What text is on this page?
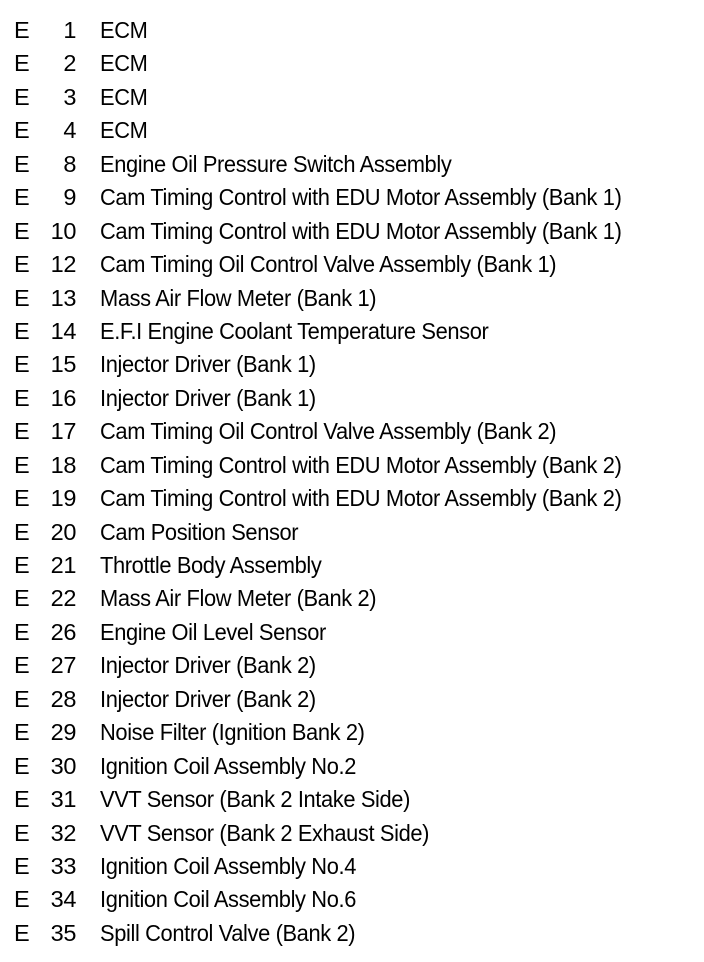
E	1 ECM
E	2 ECM
E	3 ECM
E	4 ECM
E	8 Engine Oil Pressure Switch Assembly
E	9 Cam Timing Control with EDU Motor Assembly (Bank 1)
E 10 Cam Timing Control with EDU Motor Assembly (Bank 1)
E 12 Cam Timing Oil Control Valve Assembly (Bank 1)
E 13 Mass Air Flow Meter (Bank 1)
E 14 E.F.I Engine Coolant Temperature Sensor
E 15 Injector Driver (Bank 1)
E 16 Injector Driver (Bank 1)
E 17 Cam Timing Oil Control Valve Assembly (Bank 2)
E 18 Cam Timing Control with EDU Motor Assembly (Bank 2)
E 19 Cam Timing Control with EDU Motor Assembly (Bank 2)
E 20 Cam Position Sensor
E 21 Throttle Body Assembly
E 22 Mass Air Flow Meter (Bank 2)
E 26 Engine Oil Level Sensor
E 27 Injector Driver (Bank 2)
E 28 Injector Driver (Bank 2)
E 29 Noise Filter (Ignition Bank 2)
E 30 Ignition Coil Assembly No.2
E 31 VVT Sensor (Bank 2 Intake Side)
E 32 VVT Sensor (Bank 2 Exhaust Side)
E 33 Ignition Coil Assembly No.4
E 34 Ignition Coil Assembly No.6
E 35 Spill Control Valve (Bank 2)
